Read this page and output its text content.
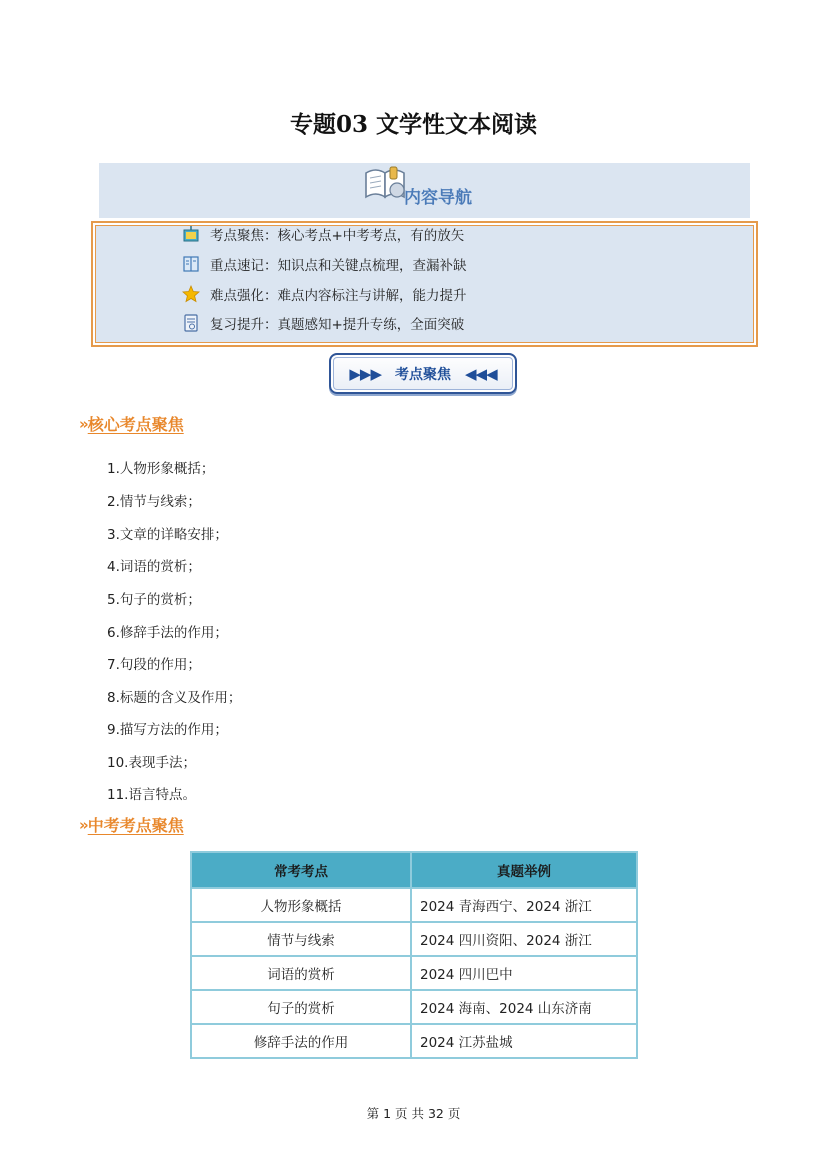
专题03 文学性文本阅读
内容导航
考点聚焦：核心考点+中考考点，有的放矢
重点速记：知识点和关键点梳理，查漏补缺
难点强化：难点内容标注与讲解，能力提升
复习提升：真题感知+提升专练，全面突破
▶▶▶ 考点聚焦 ◀◀◀
» 核心考点聚焦
1.人物形象概括；
2.情节与线索；
3.文章的详略安排；
4.词语的赏析；
5.句子的赏析；
6.修辞手法的作用；
7.句段的作用；
8.标题的含义及作用；
9.描写方法的作用；
10.表现手法；
11.语言特点。
» 中考考点聚焦
常考考点	真题举例
人物形象概括	2024 青海西宁、2024 浙江
情节与线索	2024 四川资阳、2024 浙江
词语的赏析	2024 四川巴中
句子的赏析	2024 海南、2024 山东济南
修辞手法的作用	2024 江苏盐城
第 1 页 共 32 页
